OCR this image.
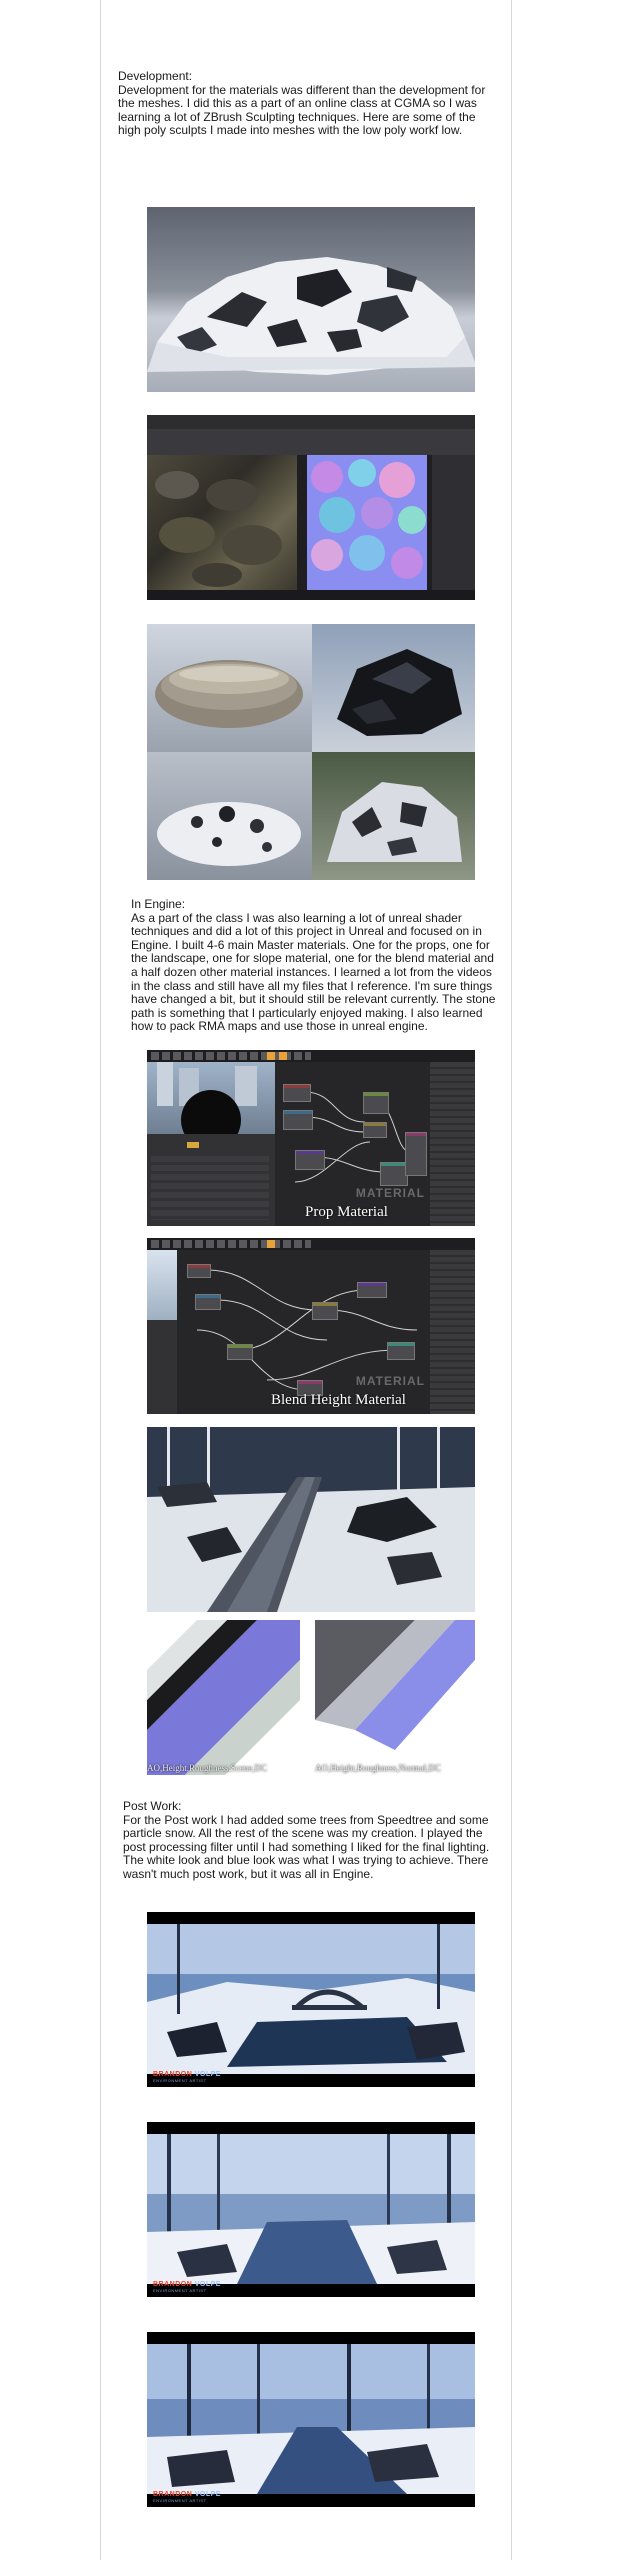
Development:

Development for the materials was different than the development for the meshes. I did this as a part of an online class at CGMA so I was learning a lot of ZBrush Sculpting techniques. Here are some of the high poly sculpts I made into meshes with the low poly workf low.

In Engine:

As a part of the class I was also learning a lot of unreal shader techniques and did a lot of this project in Unreal and focused on in Engine. I built 4-6 main Master materials. One for the props, one for the landscape, one for slope material, one for the blend material and a half dozen other material instances. I learned a lot from the videos in the class and still have all my files that I reference. I'm sure things have changed a bit, but it should still be relevant currently. The stone path is something that I particularly enjoyed making. I also learned how to pack RMA maps and use those in unreal engine.

MATERIAL
Prop Material
MATERIAL
Blend Height Material
AO,Height,Roughness,Scene,DC	AO,Height,Roughness,Normal,DC

Post Work:

For the Post work I had added some trees from Speedtree and some particle snow. All the rest of the scene was my creation. I played the post processing filter until I had something I liked for the final lighting. The white look and blue look was what I was trying to achieve. There wasn't much post work, but it was all in Engine.

BRANDON VOLPE
ENVIRONMENT ARTIST
BRANDON VOLPE
ENVIRONMENT ARTIST
BRANDON VOLPE
ENVIRONMENT ARTIST
